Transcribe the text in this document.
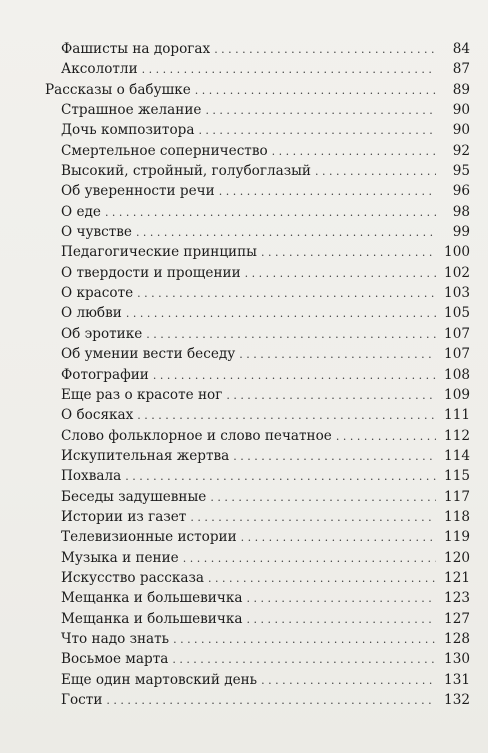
Фашисты на дорогах . . .	84
Аксолотли . . .	87
Рассказы о бабушке . . .	89
Страшное желание . . .	90
Дочь композитора . . .	90
Смертельное соперничество . . .	92
Высокий, стройный, голубоглазый . . .	95
Об уверенности речи . . .	96
О еде . . .	98
О чувстве . . .	99
Педагогические принципы . . .	100
О твердости и прощении . . .	102
О красоте . . .	103
О любви . . .	105
Об эротике . . .	107
Об умении вести беседу . . .	107
Фотографии . . .	108
Еще раз о красоте ног . . .	109
О босяках . . .	111
Слово фольклорное и слово печатное . . .	112
Искупительная жертва . . .	114
Похвала . . .	115
Беседы задушевные . . .	117
Истории из газет . . .	118
Телевизионные истории . . .	119
Музыка и пение . . .	120
Искусство рассказа . . .	121
Мещанка и большевичка . . .	123
Мещанка и большевичка . . .	127
Что надо знать . . .	128
Восьмое марта . . .	130
Еще один мартовский день . . .	131
Гости . . .	132
